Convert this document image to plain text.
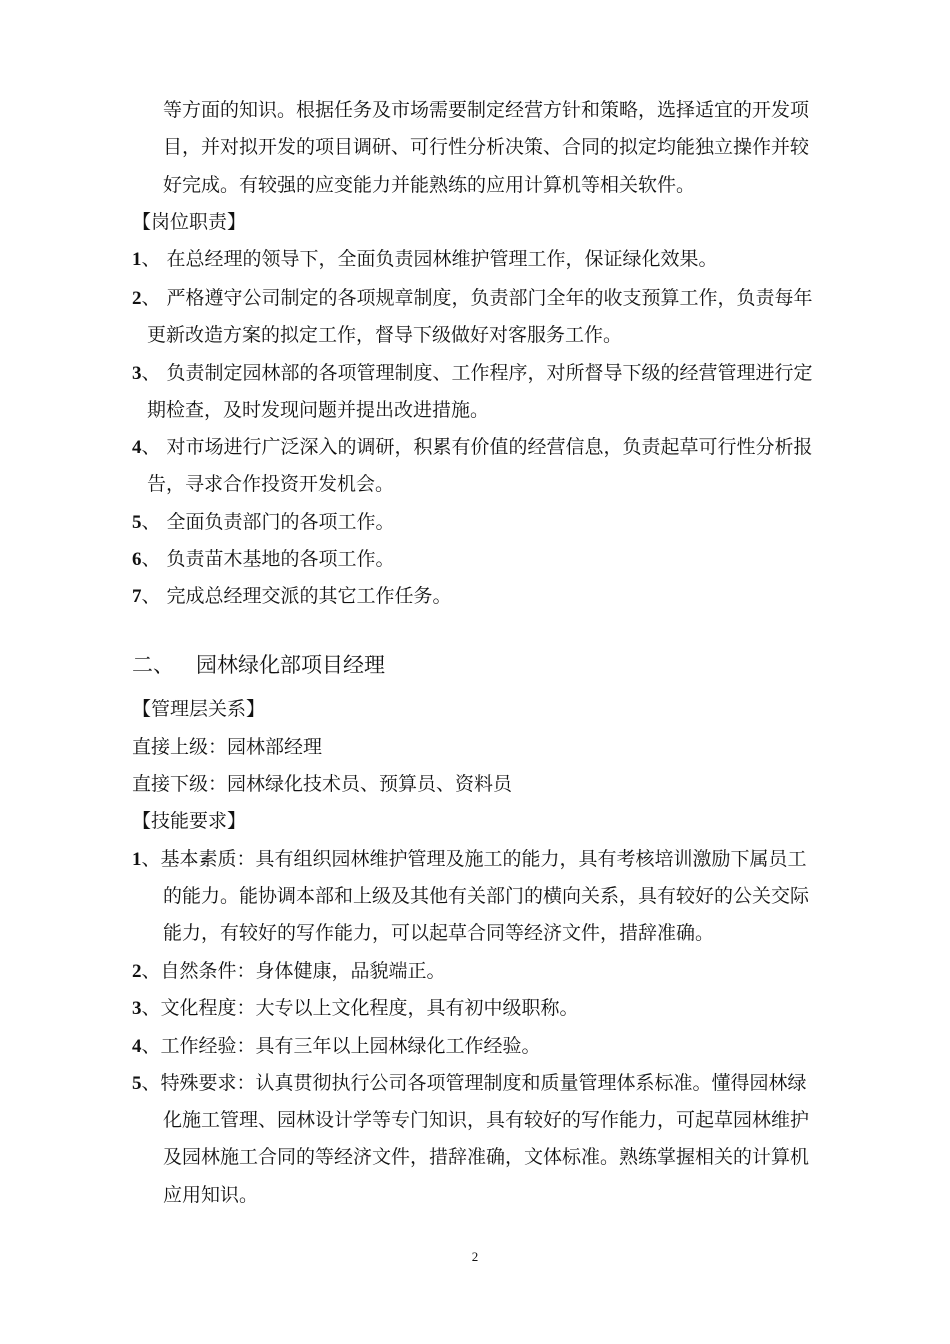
等方面的知识。根据任务及市场需要制定经营方针和策略，选择适宜的开发项
目，并对拟开发的项目调研、可行性分析决策、合同的拟定均能独立操作并较
好完成。有较强的应变能力并能熟练的应用计算机等相关软件。
【岗位职责】
1、 在总经理的领导下，全面负责园林维护管理工作，保证绿化效果。
2、 严格遵守公司制定的各项规章制度，负责部门全年的收支预算工作，负责每年
更新改造方案的拟定工作，督导下级做好对客服务工作。
3、 负责制定园林部的各项管理制度、工作程序，对所督导下级的经营管理进行定
期检查，及时发现问题并提出改进措施。
4、 对市场进行广泛深入的调研，积累有价值的经营信息，负责起草可行性分析报
告，寻求合作投资开发机会。
5、 全面负责部门的各项工作。
6、 负责苗木基地的各项工作。
7、 完成总经理交派的其它工作任务。
二、 园林绿化部项目经理
【管理层关系】
直接上级：园林部经理
直接下级：园林绿化技术员、预算员、资料员
【技能要求】
1、基本素质：具有组织园林维护管理及施工的能力，具有考核培训激励下属员工
的能力。能协调本部和上级及其他有关部门的横向关系，具有较好的公关交际
能力，有较好的写作能力，可以起草合同等经济文件，措辞准确。
2、自然条件：身体健康，品貌端正。
3、文化程度：大专以上文化程度，具有初中级职称。
4、工作经验：具有三年以上园林绿化工作经验。
5、特殊要求：认真贯彻执行公司各项管理制度和质量管理体系标准。懂得园林绿
化施工管理、园林设计学等专门知识，具有较好的写作能力，可起草园林维护
及园林施工合同的等经济文件，措辞准确，文体标准。熟练掌握相关的计算机
应用知识。
2
